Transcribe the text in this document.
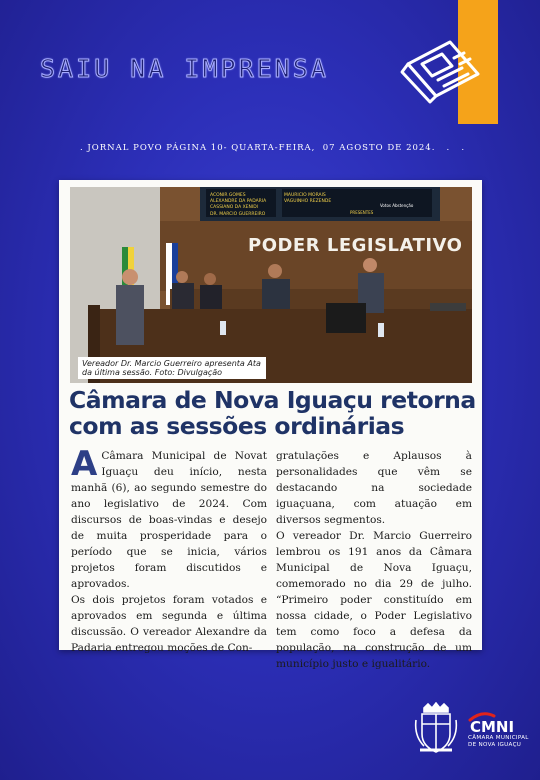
SAIU NA IMPRENSA
. JORNAL POVO PÁGINA 10- QUARTA-FEIRA,  07 AGOSTO DE 2024.   .   .
ACONIR GOMES
ALEXANDRE DA PADARIA
CASSIANO DA XENIDI
DR. MARCIO GUERREIRO
MAURICIO MORAIS
VAGUINHO REZENDE
PRESENTES
Votos Abstenção
PODER LEGISLATIVO
Vereador Dr. Marcio Guerreiro apresenta Ata da última sessão. Foto: Divulgação
Câmara de Nova Iguaçu retorna com as sessões ordinárias

A Câmara Municipal de Novat Iguaçu deu início, nesta manhã (6), ao segundo semestre do ano legislativo de 2024. Com discursos de boas-vindas e desejo de muita prosperidade para o período que se inicia, vários projetos foram discutidos e aprovados.

Os dois projetos foram votados e aprovados em segunda e última discussão. O vereador Alexandre da Padaria entregou moções de Con-

gratulações e Aplausos à personalidades que vêm se destacando na sociedade iguaçuana, com atuação em diversos segmentos.

O vereador Dr. Marcio Guerreiro lembrou os 191 anos da Câmara Municipal de Nova Iguaçu, comemorado no dia 29 de julho. “Primeiro poder constituído em nossa cidade, o Poder Legislativo tem como foco a defesa da população, na construção de um município justo e igualitário.

CMNI
CÂMARA MUNICIPAL
DE NOVA IGUAÇU
